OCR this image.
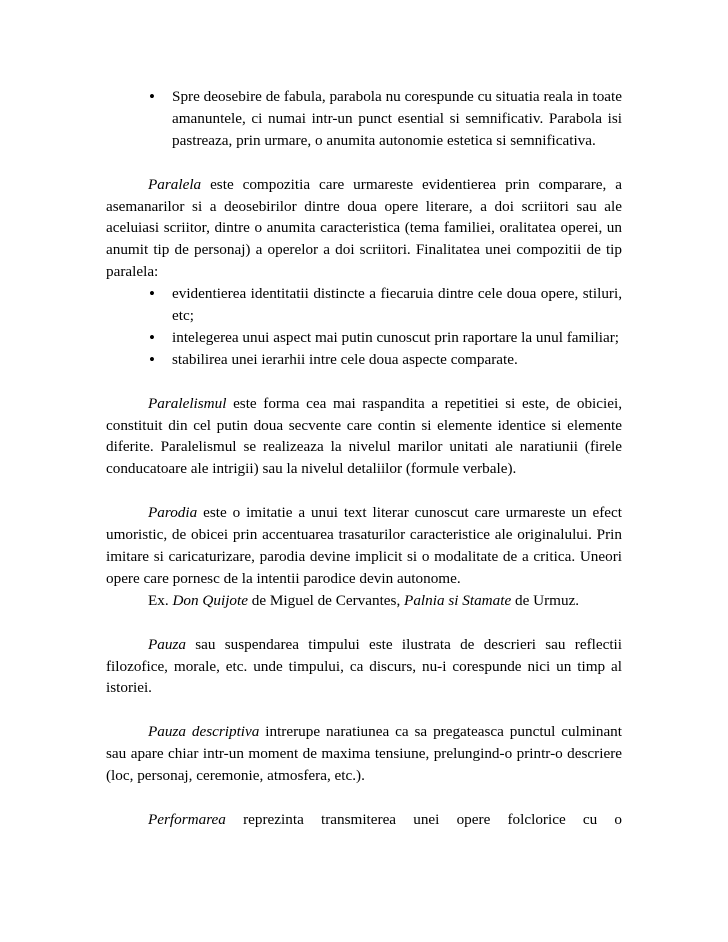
• Spre deosebire de fabula, parabola nu corespunde cu situatia reala in toate amanuntele, ci numai intr-un punct esential si semnificativ. Parabola isi pastreaza, prin urmare, o anumita autonomie estetica si semnificativa.

Paralela este compozitia care urmareste evidentierea prin comparare, a asemanarilor si a deosebirilor dintre doua opere literare, a doi scriitori sau ale aceluiasi scriitor, dintre o anumita caracteristica (tema familiei, oralitatea operei, un anumit tip de personaj) a operelor a doi scriitori. Finalitatea unei compozitii de tip paralela:

• evidentierea identitatii distincte a fiecaruia dintre cele doua opere, stiluri, etc;
• intelegerea unui aspect mai putin cunoscut prin raportare la unul familiar;
• stabilirea unei ierarhii intre cele doua aspecte comparate.

Paralelismul este forma cea mai raspandita a repetitiei si este, de obiciei, constituit din cel putin doua secvente care contin si elemente identice si elemente diferite. Paralelismul se realizeaza la nivelul marilor unitati ale naratiunii (firele conducatoare ale intrigii) sau la nivelul detaliilor (formule verbale).

Parodia este o imitatie a unui text literar cunoscut care urmareste un efect umoristic, de obicei prin accentuarea trasaturilor caracteristice ale originalului. Prin imitare si caricaturizare, parodia devine implicit si o modalitate de a critica. Uneori opere care pornesc de la intentii parodice devin autonome.

Ex. Don Quijote de Miguel de Cervantes, Palnia si Stamate de Urmuz.

Pauza sau suspendarea timpului este ilustrata de descrieri sau reflectii filozofice, morale, etc. unde timpului, ca discurs, nu-i corespunde nici un timp al istoriei.

Pauza descriptiva intrerupe naratiunea ca sa pregateasca punctul culminant sau apare chiar intr-un moment de maxima tensiune, prelungind-o printr-o descriere (loc, personaj, ceremonie, atmosfera, etc.).

Performarea reprezinta transmiterea unei opere folclorice cu o
